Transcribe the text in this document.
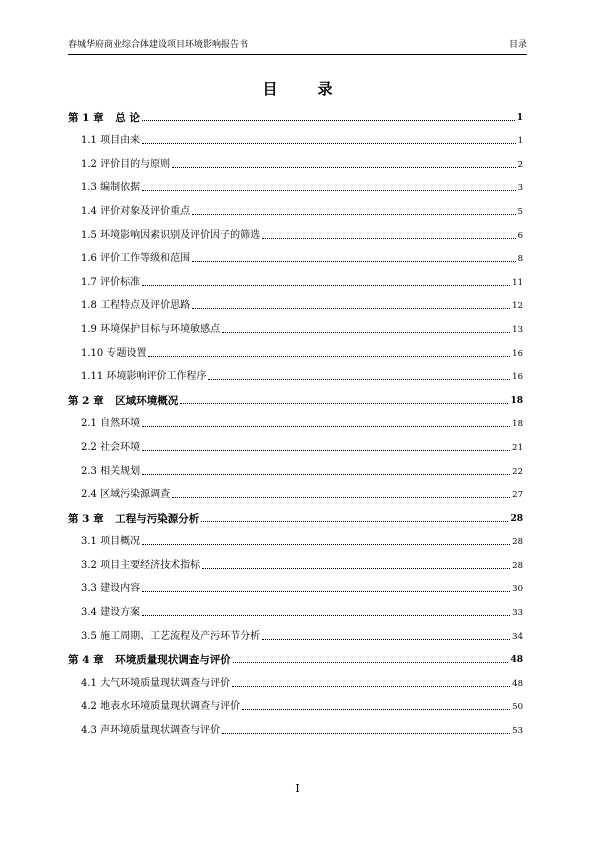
春城华府商业综合体建设项目环境影响报告书	目录
目	录
第 1 章 总 论	1
1.1 项目由来	1
1.2 评价目的与原则	2
1.3 编制依据	3
1.4 评价对象及评价重点	5
1.5 环境影响因素识别及评价因子的筛选	6
1.6 评价工作等级和范围	8
1.7 评价标准	11
1.8 工程特点及评价思路	12
1.9 环境保护目标与环境敏感点	13
1.10 专题设置	16
1.11 环境影响评价工作程序	16
第 2 章 区域环境概况	18
2.1 自然环境	18
2.2 社会环境	21
2.3 相关规划	22
2.4 区域污染源调查	27
第 3 章 工程与污染源分析	28
3.1 项目概况	28
3.2 项目主要经济技术指标	28
3.3 建设内容	30
3.4 建设方案	33
3.5 施工周期、工艺流程及产污环节分析	34
第 4 章 环境质量现状调查与评价	48
4.1 大气环境质量现状调查与评价	48
4.2 地表水环境质量现状调查与评价	50
4.3 声环境质量现状调查与评价	53
I
